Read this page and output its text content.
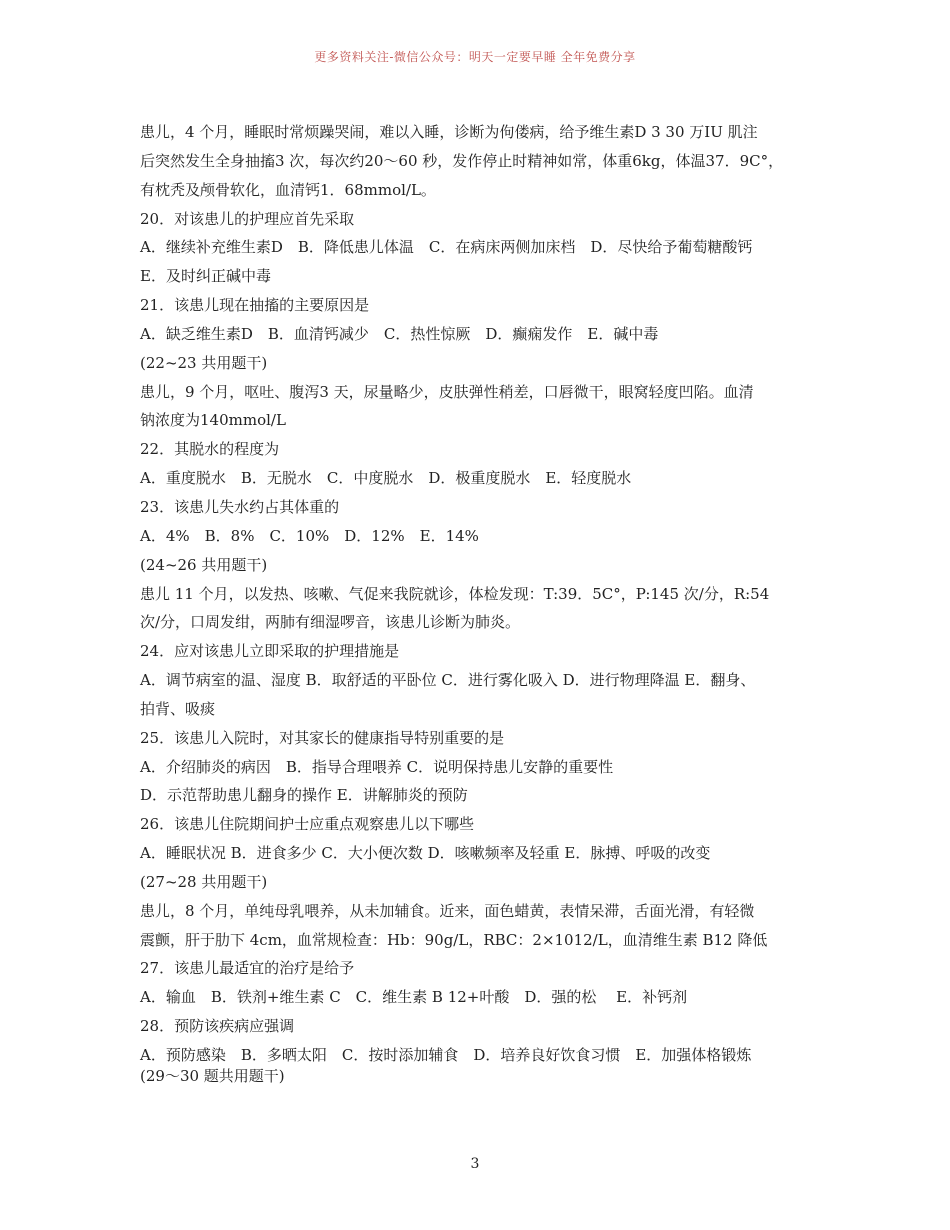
更多资料关注-微信公众号：明天一定要早睡 全年免费分享
患儿，4 个月，睡眠时常烦躁哭闹，难以入睡，诊断为佝偻病，给予维生素D 3 30 万IU 肌注
后突然发生全身抽搐3 次，每次约20～60 秒，发作停止时精神如常，体重6kg，体温37．9C°，
有枕秃及颅骨软化，血清钙1．68mmol/L。
20．对该患儿的护理应首先采取
A．继续补充维生素D　B．降低患儿体温　C．在病床两侧加床档　D．尽快给予葡萄糖酸钙
E．及时纠正碱中毒
21．该患儿现在抽搐的主要原因是
A．缺乏维生素D　B．血清钙减少　C．热性惊厥　D．癫痫发作　E．碱中毒
(22~23 共用题干)
患儿，9 个月，呕吐、腹泻3 天，尿量略少，皮肤弹性稍差，口唇微干，眼窝轻度凹陷。血清
钠浓度为140mmol/L
22．其脱水的程度为
A．重度脱水　B．无脱水　C．中度脱水　D．极重度脱水　E．轻度脱水
23．该患儿失水约占其体重的
A．4%　B．8%　C．10%　D．12%　E．14%
(24~26 共用题干)
患儿 11 个月，以发热、咳嗽、气促来我院就诊，体检发现：T:39．5C°，P:145 次/分，R:54
次/分，口周发绀，两肺有细湿啰音，该患儿诊断为肺炎。
24．应对该患儿立即采取的护理措施是
A．调节病室的温、湿度 B．取舒适的平卧位 C．进行雾化吸入 D．进行物理降温 E．翻身、
拍背、吸痰
25．该患儿入院时，对其家长的健康指导特别重要的是
A．介绍肺炎的病因　B．指导合理喂养 C．说明保持患儿安静的重要性
D．示范帮助患儿翻身的操作 E．讲解肺炎的预防
26．该患儿住院期间护士应重点观察患儿以下哪些
A．睡眠状况 B．进食多少 C．大小便次数 D．咳嗽频率及轻重 E．脉搏、呼吸的改变
(27~28 共用题干)
患儿，8 个月，单纯母乳喂养，从未加辅食。近来，面色蜡黄，表情呆滞，舌面光滑，有轻微
震颤，肝于肋下 4cm，血常规检查：Hb：90g/L，RBC：2×1012/L，血清维生素 B12 降低
27．该患儿最适宜的治疗是给予
A．输血　B．铁剂+维生素 C　C．维生素 B 12+叶酸　D．强的松　 E．补钙剂
28．预防该疾病应强调
A．预防感染　B．多晒太阳　C．按时添加辅食　D．培养良好饮食习惯　E．加强体格锻炼
(29～30 题共用题干)
3
